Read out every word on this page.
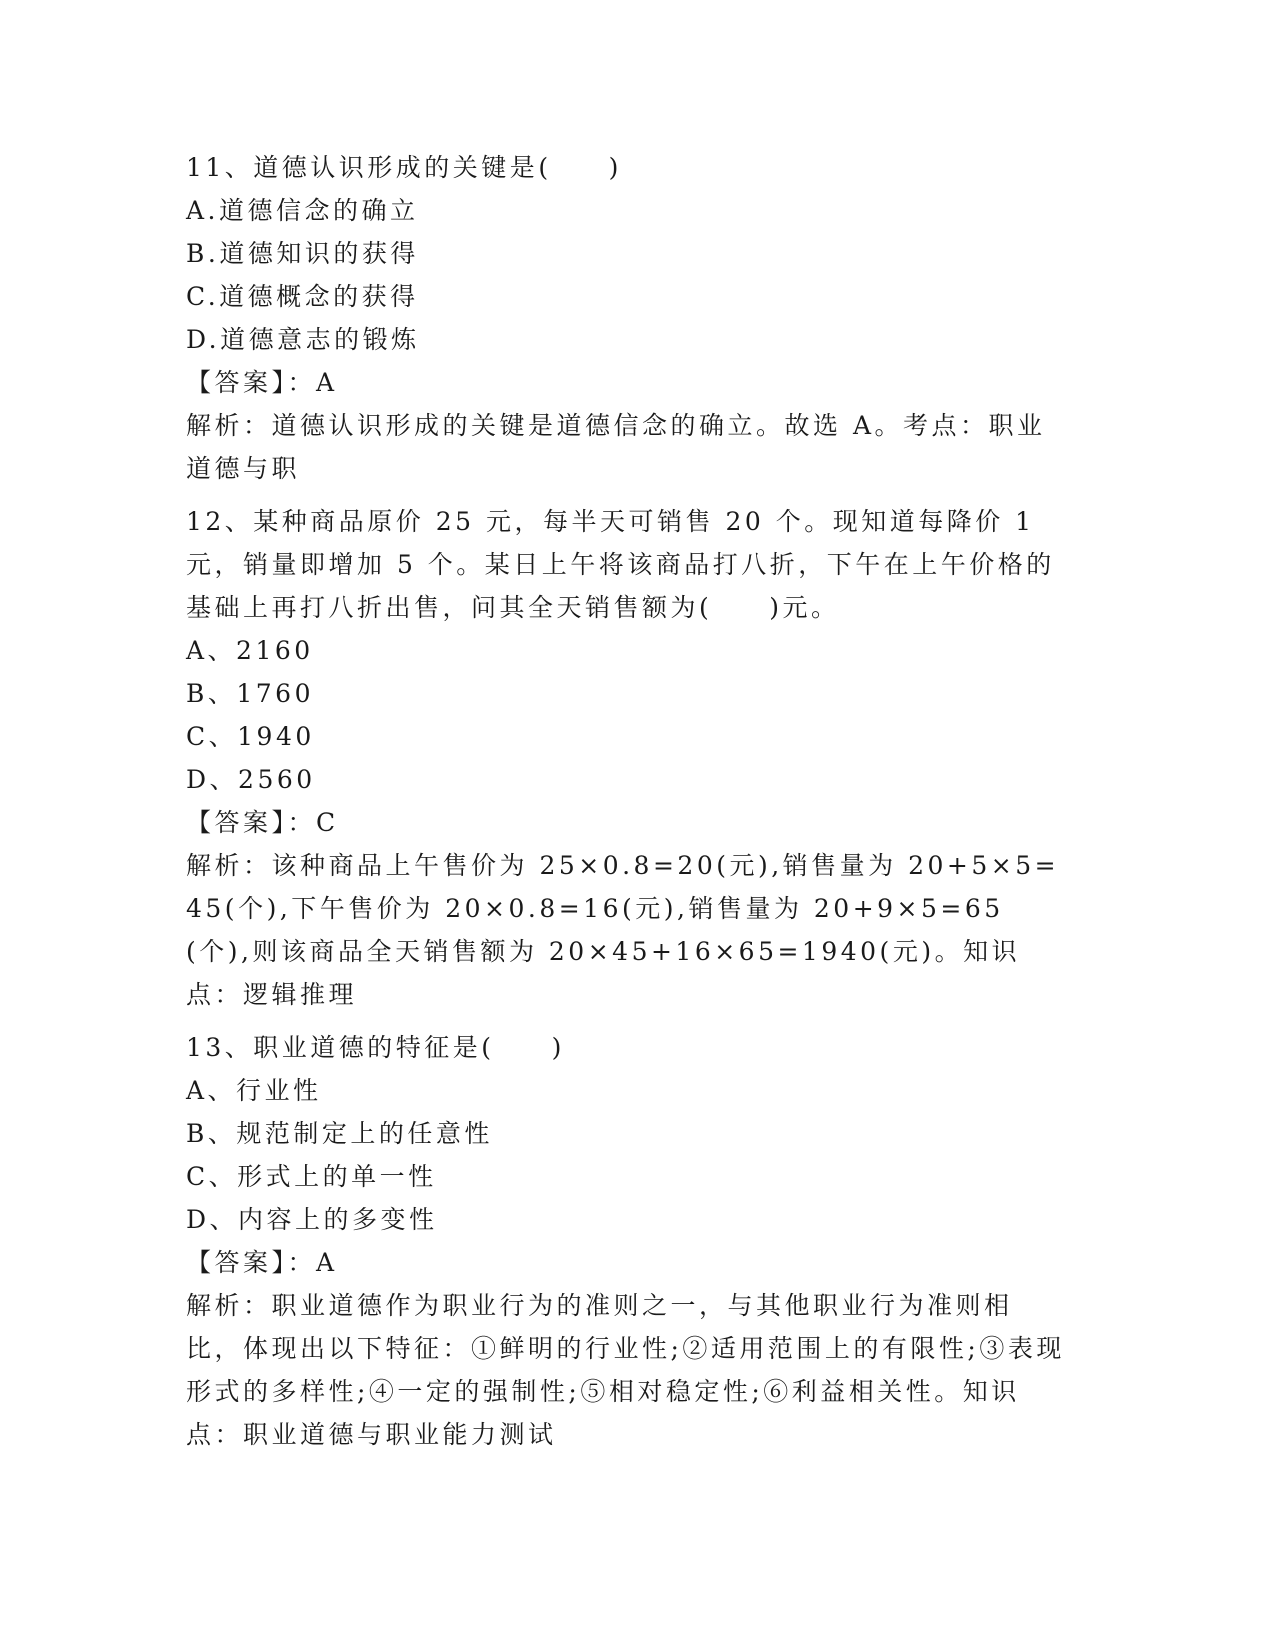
11、道德认识形成的关键是(　　)
A.道德信念的确立
B.道德知识的获得
C.道德概念的获得
D.道德意志的锻炼
【答案】：A
解析：道德认识形成的关键是道德信念的确立。故选 A。考点：职业道德与职
12、某种商品原价 25 元，每半天可销售 20 个。现知道每降价 1 元，销量即增加 5 个。某日上午将该商品打八折，下午在上午价格的基础上再打八折出售，问其全天销售额为(　　)元。
A、2160
B、1760
C、1940
D、2560
【答案】：C
解析：该种商品上午售价为 25×0.8=20(元),销售量为 20+5×5=45(个),下午售价为 20×0.8=16(元),销售量为 20+9×5=65(个),则该商品全天销售额为 20×45+16×65=1940(元)。知识点：逻辑推理
13、职业道德的特征是(　　)
A、行业性
B、规范制定上的任意性
C、形式上的单一性
D、内容上的多变性
【答案】：A
解析：职业道德作为职业行为的准则之一，与其他职业行为准则相比，体现出以下特征：①鲜明的行业性;②适用范围上的有限性;③表现形式的多样性;④一定的强制性;⑤相对稳定性;⑥利益相关性。知识点：职业道德与职业能力测试
